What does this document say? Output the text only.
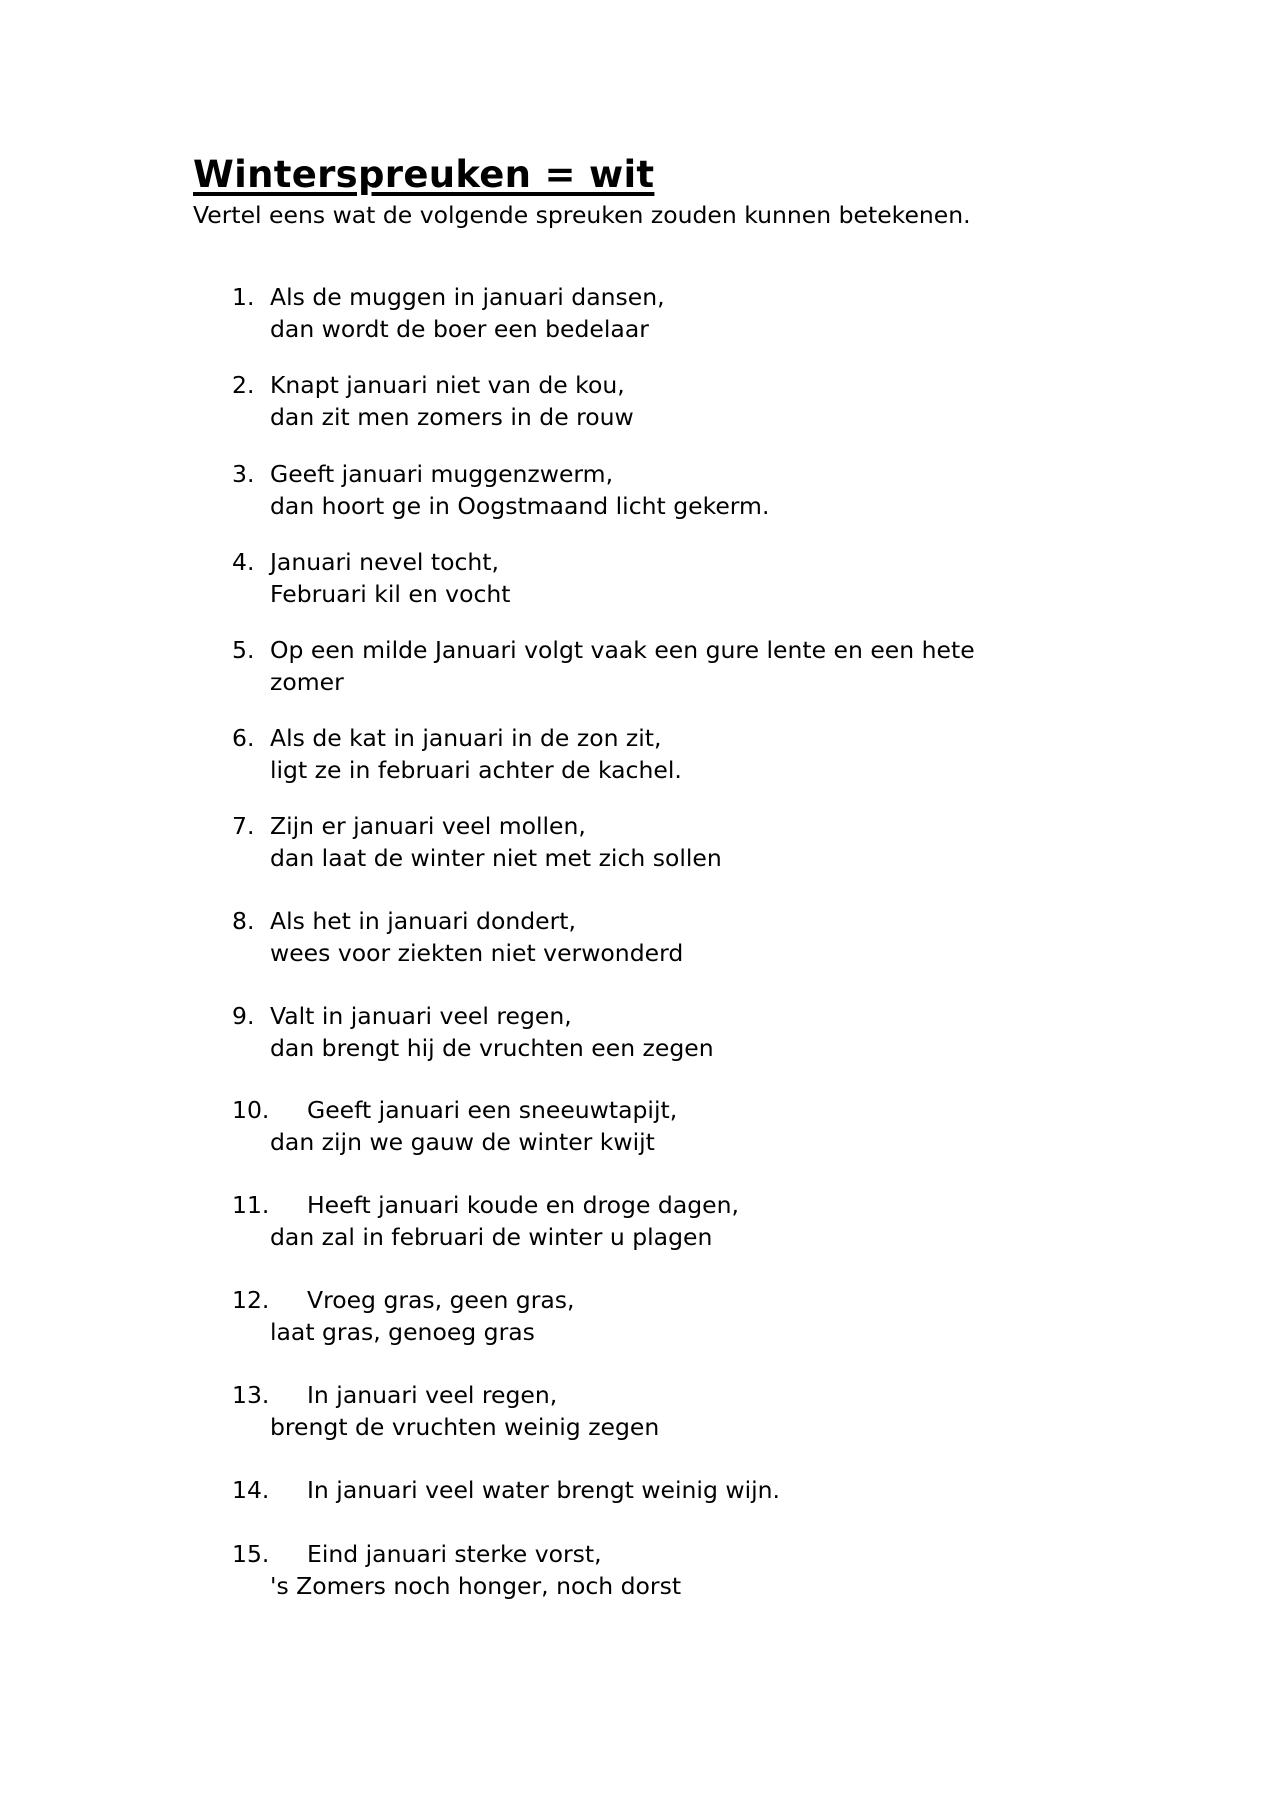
Winterspreuken = wit
Vertel eens wat de volgende spreuken zouden kunnen betekenen.
1. Als de muggen in januari dansen,
dan wordt de boer een bedelaar
2. Knapt januari niet van de kou,
dan zit men zomers in de rouw
3. Geeft januari muggenzwerm,
dan hoort ge in Oogstmaand licht gekerm.
4. Januari nevel tocht,
Februari kil en vocht
5. Op een milde Januari volgt vaak een gure lente en een hete
zomer
6. Als de kat in januari in de zon zit,
ligt ze in februari achter de kachel.
7. Zijn er januari veel mollen,
dan laat de winter niet met zich sollen
8. Als het in januari dondert,
wees voor ziekten niet verwonderd
9. Valt in januari veel regen,
dan brengt hij de vruchten een zegen
10.	Geeft januari een sneeuwtapijt,
dan zijn we gauw de winter kwijt
11.	Heeft januari koude en droge dagen,
dan zal in februari de winter u plagen
12.	Vroeg gras, geen gras,
laat gras, genoeg gras
13.	In januari veel regen,
brengt de vruchten weinig zegen
14.	In januari veel water brengt weinig wijn.
15.	Eind januari sterke vorst,
's Zomers noch honger, noch dorst
